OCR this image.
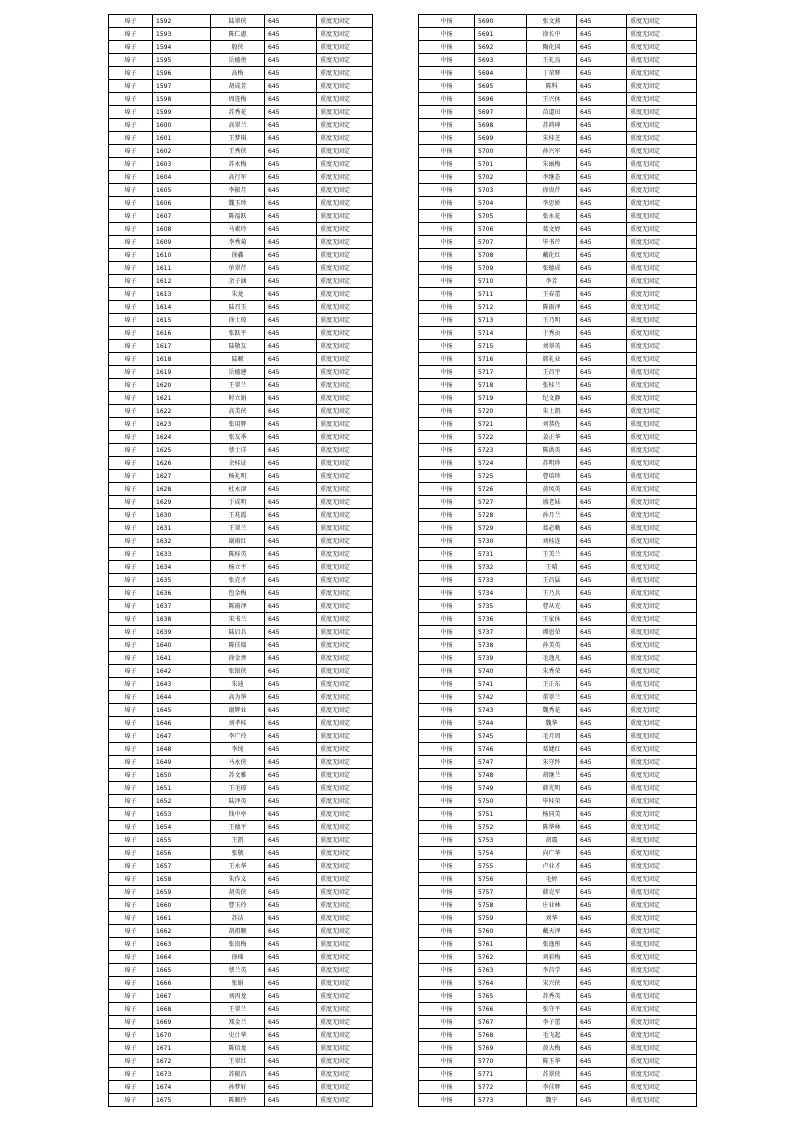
埠子	1592	陆翠侠	645	重度无固定
埠子	1593	陈仁惠	645	重度无固定
埠子	1594	殷侠	645	重度无固定
埠子	1595	岳德勇	645	重度无固定
埠子	1596	高梅	645	重度无固定
埠子	1597	胡成芳	645	重度无固定
埠子	1598	周连梅	645	重度无固定
埠子	1599	苏秀花	645	重度无固定
埠子	1600	高翠兰	645	重度无固定
埠子	1601	王梦琪	645	重度无固定
埠子	1602	王秀侠	645	重度无固定
埠子	1603	苏永梅	645	重度无固定
埠子	1604	高行军	645	重度无固定
埠子	1605	李振月	645	重度无固定
埠子	1606	魏玉珍	645	重度无固定
埠子	1607	陈福跃	645	重度无固定
埠子	1608	马素玲	645	重度无固定
埠子	1609	李秀菊	645	重度无固定
埠子	1610	徐鑫	645	重度无固定
埠子	1611	单翠芹	645	重度无固定
埠子	1612	余子涵	645	重度无固定
埠子	1613	朱龙	645	重度无固定
埠子	1614	陆召玉	645	重度无固定
埠子	1615	徐士琼	645	重度无固定
埠子	1616	张跃平	645	重度无固定
埠子	1617	陆敬友	645	重度无固定
埠子	1618	陆顺	645	重度无固定
埠子	1619	岳德建	645	重度无固定
埠子	1620	王翠兰	645	重度无固定
埠子	1621	时立娟	645	重度无固定
埠子	1622	高美侠	645	重度无固定
埠子	1623	张用辉	645	重度无固定
埠子	1624	张友季	645	重度无固定
埠子	1625	蔡士详	645	重度无固定
埠子	1626	余桂证	645	重度无固定
埠子	1627	杨礼明	645	重度无固定
埠子	1628	杜永津	645	重度无固定
埠子	1629	于成明	645	重度无固定
埠子	1630	王兆霞	645	重度无固定
埠子	1631	王翠兰	645	重度无固定
埠子	1632	谢雨红	645	重度无固定
埠子	1633	陈桂英	645	重度无固定
埠子	1634	杨立平	645	重度无固定
埠子	1635	张克才	645	重度无固定
埠子	1636	包金梅	645	重度无固定
埠子	1637	陈雨泽	645	重度无固定
埠子	1638	宋书兰	645	重度无固定
埠子	1639	陆启兵	645	重度无固定
埠子	1640	陈佳瑞	645	重度无固定
埠子	1641	徐金香	645	重度无固定
埠子	1642	张银侠	645	重度无固定
埠子	1643	朱迪	645	重度无固定
埠子	1644	高为华	645	重度无固定
埠子	1645	谢辉业	645	重度无固定
埠子	1646	刘孝桂	645	重度无固定
埠子	1647	李广玲	645	重度无固定
埠子	1648	李纯	645	重度无固定
埠子	1649	马永侠	645	重度无固定
埠子	1650	苏文雅	645	重度无固定
埠子	1651	王毛琼	645	重度无固定
埠子	1652	陆泽英	645	重度无固定
埠子	1653	钱中亭	645	重度无固定
埠子	1654	王德平	645	重度无固定
埠子	1655	王凯	645	重度无固定
埠子	1656	张敬	645	重度无固定
埠子	1657	王永华	645	重度无固定
埠子	1658	朱作义	645	重度无固定
埠子	1659	胡英侠	645	重度无固定
埠子	1660	曹玉玲	645	重度无固定
埠子	1661	苏洁	645	重度无固定
埠子	1662	胡祖顺	645	重度无固定
埠子	1663	张贵梅	645	重度无固定
埠子	1664	徐瑶	645	重度无固定
埠子	1665	蔡兰英	645	重度无固定
埠子	1666	张娟	645	重度无固定
埠子	1667	刘丙龙	645	重度无固定
埠子	1668	王翠兰	645	重度无固定
埠子	1669	郑金兰	645	重度无固定
埠子	1670	史计华	645	重度无固定
埠子	1671	陈佰龙	645	重度无固定
埠子	1672	王翠红	645	重度无固定
埠子	1673	苏振昌	645	重度无固定
埠子	1674	孙梦轩	645	重度无固定
埠子	1675	陈顺玲	645	重度无固定
中扬	5690	张文燕	645	重度无固定
中扬	5691	徐长中	645	重度无固定
中扬	5692	陶化国	645	重度无固定
中扬	5693	王礼良	645	重度无固定
中扬	5694	丁荣辉	645	重度无固定
中扬	5695	陈科	645	重度无固定
中扬	5696	王兴休	645	重度无固定
中扬	5697	苗道田	645	重度无固定
中扬	5698	苏鸿坤	645	重度无固定
中扬	5699	朱桂芝	645	重度无固定
中扬	5700	孙兴军	645	重度无固定
中扬	5701	朱丽梅	645	重度无固定
中扬	5702	李继态	645	重度无固定
中扬	5703	徐贵芹	645	重度无固定
中扬	5704	李思娇	645	重度无固定
中扬	5705	张永花	645	重度无固定
中扬	5706	葛文婷	645	重度无固定
中扬	5707	毕书芹	645	重度无固定
中扬	5708	戴化红	645	重度无固定
中扬	5709	张德成	645	重度无固定
中扬	5710	李芳	645	重度无固定
中扬	5711	王春蕾	645	重度无固定
中扬	5712	陈雨泽	645	重度无固定
中扬	5713	王乃明	645	重度无固定
中扬	5714	于秀贡	645	重度无固定
中扬	5715	刘翠英	645	重度无固定
中扬	5716	韩礼业	645	重度无固定
中扬	5717	王昌宇	645	重度无固定
中扬	5718	张桂兰	645	重度无固定
中扬	5719	纪文静	645	重度无固定
中扬	5720	朱士凯	645	重度无固定
中扬	5721	刘恭佐	645	重度无固定
中扬	5722	姜正华	645	重度无固定
中扬	5723	陈洪英	645	重度无固定
中扬	5724	苏明珍	645	重度无固定
中扬	5725	曹培珍	645	重度无固定
中扬	5726	黄凤英	645	重度无固定
中扬	5727	盛老妹	645	重度无固定
中扬	5728	孙月兰	645	重度无固定
中扬	5729	葛必勤	645	重度无固定
中扬	5730	刘桂连	645	重度无固定
中扬	5731	王美兰	645	重度无固定
中扬	5732	王晴	645	重度无固定
中扬	5733	王昌猛	645	重度无固定
中扬	5734	王乃兵	645	重度无固定
中扬	5735	曹从光	645	重度无固定
中扬	5736	王家休	645	重度无固定
中扬	5737	谭恩荣	645	重度无固定
中扬	5738	孙美英	645	重度无固定
中扬	5739	毛逸凡	645	重度无固定
中扬	5740	朱秀荣	645	重度无固定
中扬	5741	王正东	645	重度无固定
中扬	5742	董翠兰	645	重度无固定
中扬	5743	魏秀花	645	重度无固定
中扬	5744	魏华	645	重度无固定
中扬	5745	毛月周	645	重度无固定
中扬	5746	葛婕红	645	重度无固定
中扬	5747	朱守怀	645	重度无固定
中扬	5748	胡继兰	645	重度无固定
中扬	5749	韩光明	645	重度无固定
中扬	5750	毕桂荣	645	重度无固定
中扬	5751	杨同美	645	重度无固定
中扬	5752	陈华林	645	重度无固定
中扬	5753	胡震	645	重度无固定
中扬	5754	向广华	645	重度无固定
中扬	5755	卢业才	645	重度无固定
中扬	5756	毛婷	645	重度无固定
中扬	5757	韩克军	645	重度无固定
中扬	5758	庄业林	645	重度无固定
中扬	5759	刘华	645	重度无固定
中扬	5760	戴天泽	645	重度无固定
中扬	5761	张逸彤	645	重度无固定
中扬	5762	刘彩梅	645	重度无固定
中扬	5763	李昌学	645	重度无固定
中扬	5764	宋兴侠	645	重度无固定
中扬	5765	苏秀英	645	重度无固定
中扬	5766	张守平	645	重度无固定
中扬	5767	李子蕾	645	重度无固定
中扬	5768	毛飞起	645	重度无固定
中扬	5769	黄大梅	645	重度无固定
中扬	5770	陈玉华	645	重度无固定
中扬	5771	苏翠侠	645	重度无固定
中扬	5772	李佳辉	645	重度无固定
中扬	5773	魏宁	645	重度无固定
